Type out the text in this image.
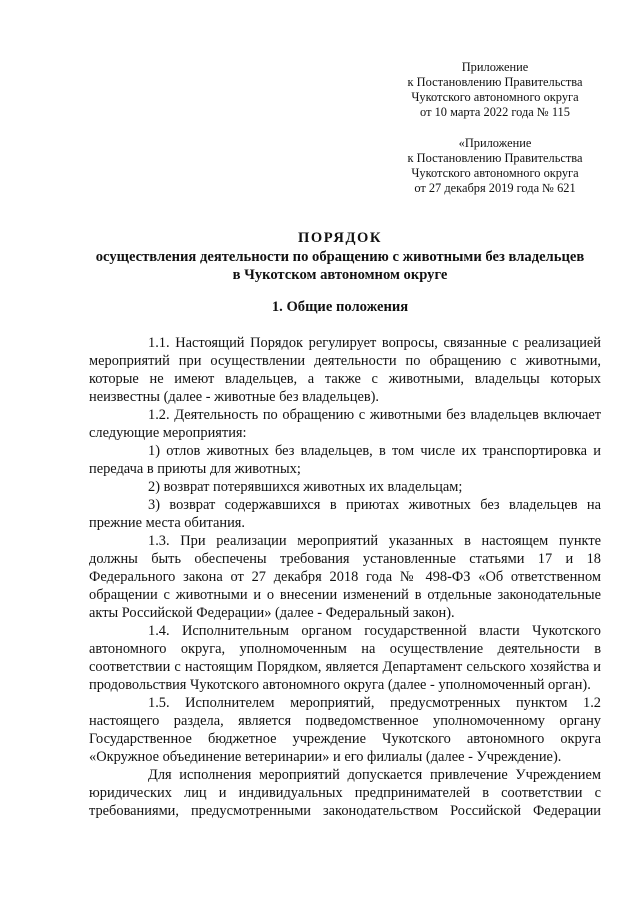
Приложение
к Постановлению Правительства
Чукотского автономного округа
от 10 марта 2022 года № 115
«Приложение
к Постановлению Правительства
Чукотского автономного округа
от 27 декабря 2019 года № 621
ПОРЯДОК
осуществления деятельности по обращению с животными без владельцев
в Чукотском автономном округе
1. Общие положения

1.1. Настоящий Порядок регулирует вопросы, связанные с реализацией мероприятий при осуществлении деятельности по обращению с животными, которые не имеют владельцев, а также с животными, владельцы которых неизвестны (далее - животные без владельцев).

1.2. Деятельность по обращению с животными без владельцев включает следующие мероприятия:

1) отлов животных без владельцев, в том числе их транспортировка и передача в приюты для животных;

2) возврат потерявшихся животных их владельцам;

3) возврат содержавшихся в приютах животных без владельцев на прежние места обитания.

1.3. При реализации мероприятий указанных в настоящем пункте должны быть обеспечены требования установленные статьями 17 и 18 Федерального закона от 27 декабря 2018 года № 498-ФЗ «Об ответственном обращении с животными и о внесении изменений в отдельные законодательные акты Российской Федерации» (далее - Федеральный закон).

1.4. Исполнительным органом государственной власти Чукотского автономного округа, уполномоченным на осуществление деятельности в соответствии с настоящим Порядком, является Департамент сельского хозяйства и продовольствия Чукотского автономного округа (далее - уполномоченный орган).

1.5. Исполнителем мероприятий, предусмотренных пунктом 1.2 настоящего раздела, является подведомственное уполномоченному органу Государственное бюджетное учреждение Чукотского автономного округа «Окружное объединение ветеринарии» и его филиалы (далее - Учреждение).

Для исполнения мероприятий допускается привлечение Учреждением юридических лиц и индивидуальных предпринимателей в соответствии с требованиями, предусмотренными законодательством Российской Федерации
